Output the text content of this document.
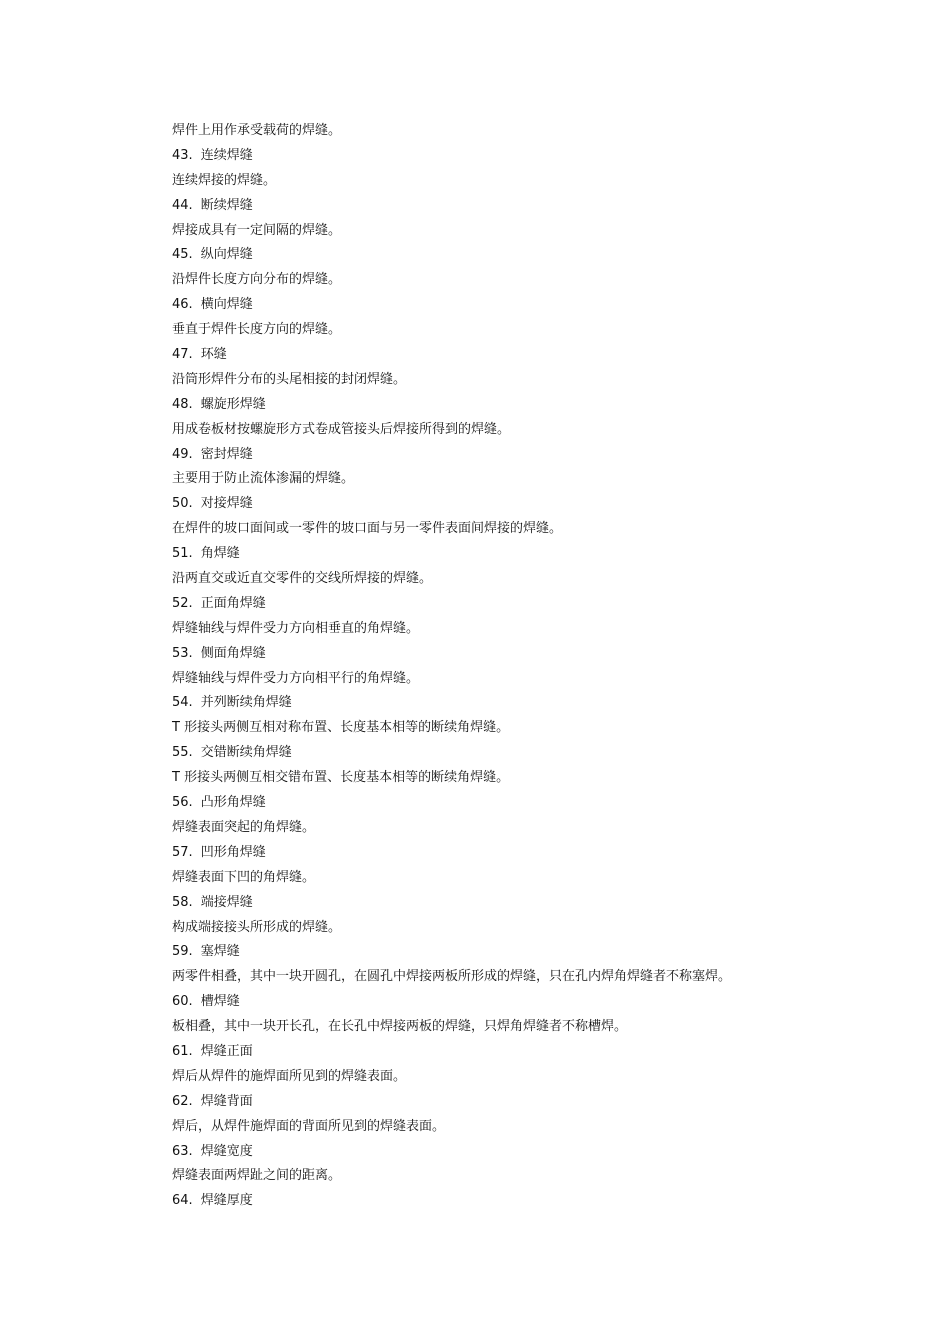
焊件上用作承受载荷的焊缝。
43. 连续焊缝
连续焊接的焊缝。
44. 断续焊缝
焊接成具有一定间隔的焊缝。
45. 纵向焊缝
沿焊件长度方向分布的焊缝。
46. 横向焊缝
垂直于焊件长度方向的焊缝。
47. 环缝
沿筒形焊件分布的头尾相接的封闭焊缝。
48. 螺旋形焊缝
用成卷板材按螺旋形方式卷成管接头后焊接所得到的焊缝。
49. 密封焊缝
主要用于防止流体渗漏的焊缝。
50. 对接焊缝
在焊件的坡口面间或一零件的坡口面与另一零件表面间焊接的焊缝。
51. 角焊缝
沿两直交或近直交零件的交线所焊接的焊缝。
52. 正面角焊缝
焊缝轴线与焊件受力方向相垂直的角焊缝。
53. 侧面角焊缝
焊缝轴线与焊件受力方向相平行的角焊缝。
54. 并列断续角焊缝
T 形接头两侧互相对称布置、长度基本相等的断续角焊缝。
55. 交错断续角焊缝
T 形接头两侧互相交错布置、长度基本相等的断续角焊缝。
56. 凸形角焊缝
焊缝表面突起的角焊缝。
57. 凹形角焊缝
焊缝表面下凹的角焊缝。
58. 端接焊缝
构成端接接头所形成的焊缝。
59. 塞焊缝
两零件相叠，其中一块开圆孔，在圆孔中焊接两板所形成的焊缝，只在孔内焊角焊缝者不称塞焊。
60. 槽焊缝
板相叠，其中一块开长孔，在长孔中焊接两板的焊缝，只焊角焊缝者不称槽焊。
61. 焊缝正面
焊后从焊件的施焊面所见到的焊缝表面。
62. 焊缝背面
焊后，从焊件施焊面的背面所见到的焊缝表面。
63. 焊缝宽度
焊缝表面两焊趾之间的距离。
64. 焊缝厚度
